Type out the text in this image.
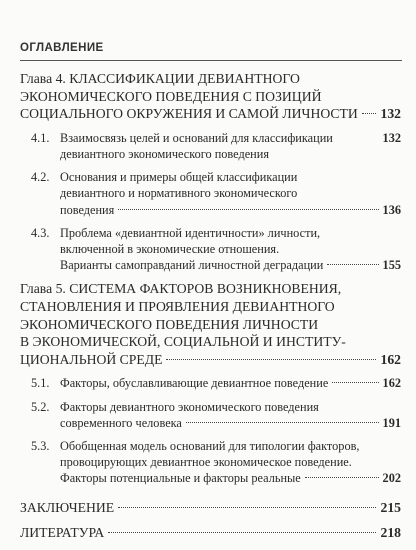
ОГЛАВЛЕНИЕ
Глава 4. КЛАССИФИКАЦИИ ДЕВИАНТНОГО
ЭКОНОМИЧЕСКОГО ПОВЕДЕНИЯ С ПОЗИЦИЙ
СОЦИАЛЬНОГО ОКРУЖЕНИЯ И САМОЙ ЛИЧНОСТИ 132
4.1. Взаимосвязь целей и оснований для классификации	132
девиантного экономического поведения
4.2. Основания и примеры общей классификации
девиантного и нормативного экономического
поведения	136
4.3. Проблема «девиантной идентичности» личности,
включенной в экономические отношения.
Варианты самоправданий личностной деградации	155
Глава 5. СИСТЕМА ФАКТОРОВ ВОЗНИКНОВЕНИЯ,
СТАНОВЛЕНИЯ И ПРОЯВЛЕНИЯ ДЕВИАНТНОГО
ЭКОНОМИЧЕСКОГО ПОВЕДЕНИЯ ЛИЧНОСТИ
В ЭКОНОМИЧЕСКОЙ, СОЦИАЛЬНОЙ И ИНСТИТУ-
ЦИОНАЛЬНОЙ СРЕДЕ	162
5.1. Факторы, обуславливающие девиантное поведение	162
5.2. Факторы девиантного экономического поведения
современного человека	191
5.3. Обобщенная модель оснований для типологии факторов,
провоцирующих девиантное экономическое поведение.
Факторы потенциальные и факторы реальные	202
ЗАКЛЮЧЕНИЕ	215
ЛИТЕРАТУРА	218
